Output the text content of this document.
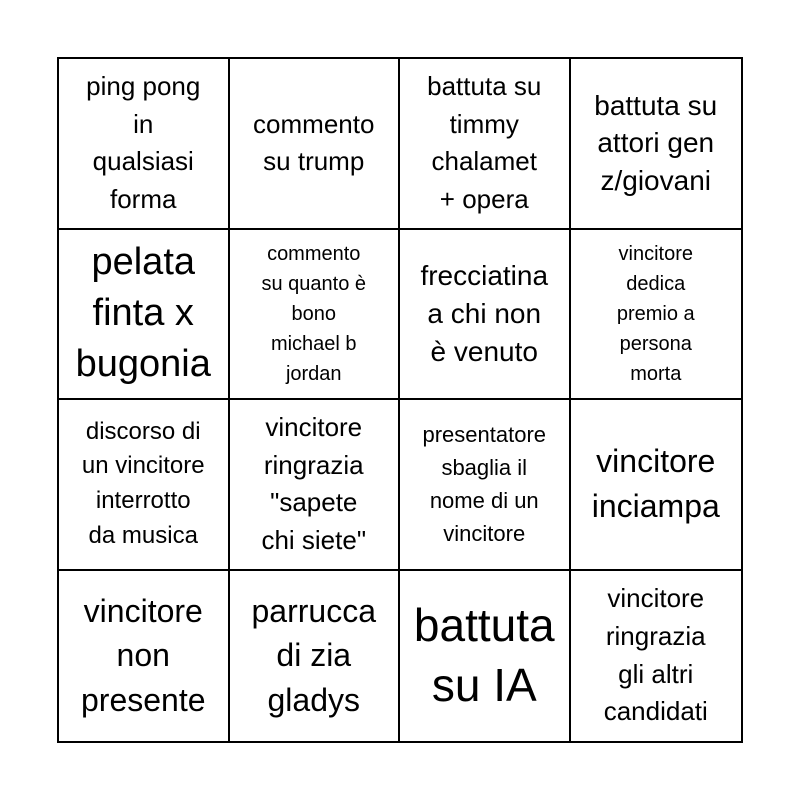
ping pong
in
qualsiasi
forma
commento
su trump
battuta su
timmy
chalamet
+ opera
battuta su
attori gen
z/giovani
pelata
finta x
bugonia
commento
su quanto è
bono
michael b
jordan
frecciatina
a chi non
è venuto
vincitore
dedica
premio a
persona
morta
discorso di
un vincitore
interrotto
da musica
vincitore
ringrazia
"sapete
chi siete"
presentatore
sbaglia il
nome di un
vincitore
vincitore
inciampa
vincitore
non
presente
parrucca
di zia
gladys
battuta
su IA
vincitore
ringrazia
gli altri
candidati
